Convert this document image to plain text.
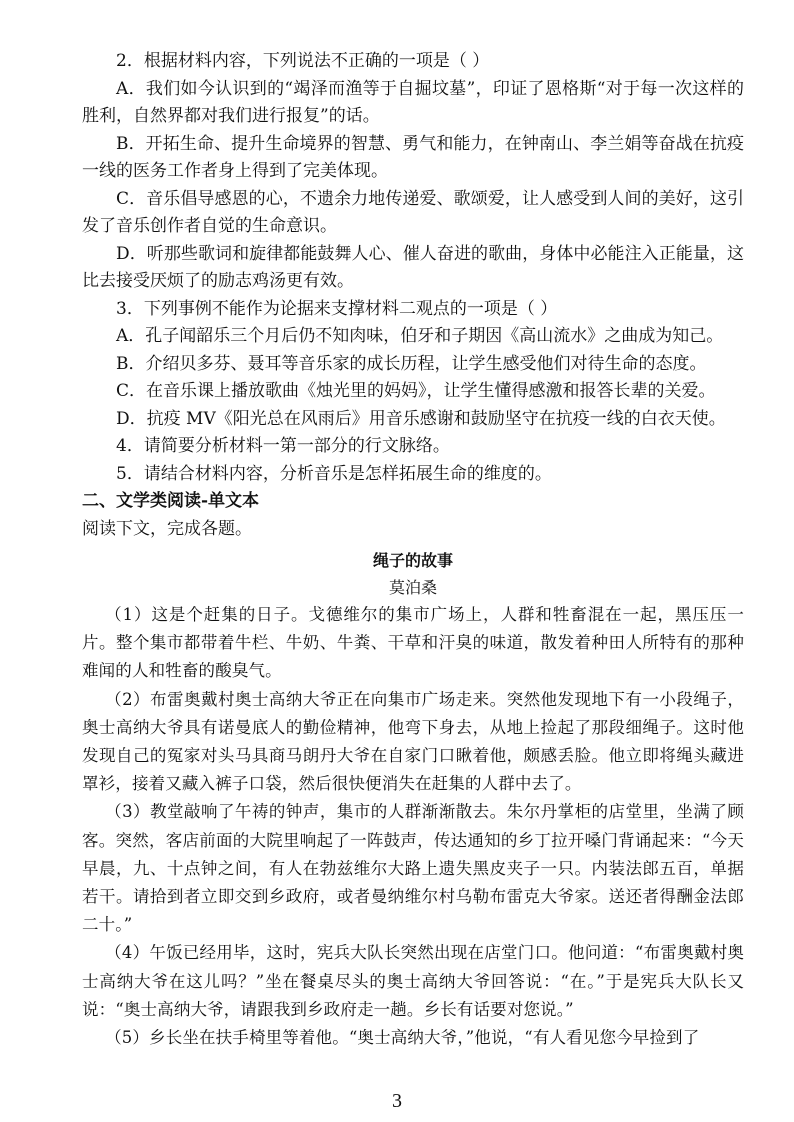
2．根据材料内容，下列说法不正确的一项是（ ）

A．我们如今认识到的“竭泽而渔等于自掘坟墓”，印证了恩格斯“对于每一次这样的胜利，自然界都对我们进行报复”的话。

B．开拓生命、提升生命境界的智慧、勇气和能力，在钟南山、李兰娟等奋战在抗疫一线的医务工作者身上得到了完美体现。

C．音乐倡导感恩的心，不遗余力地传递爱、歌颂爱，让人感受到人间的美好，这引发了音乐创作者自觉的生命意识。

D．听那些歌词和旋律都能鼓舞人心、催人奋进的歌曲，身体中必能注入正能量，这比去接受厌烦了的励志鸡汤更有效。

3．下列事例不能作为论据来支撑材料二观点的一项是（ ）

A．孔子闻韶乐三个月后仍不知肉味，伯牙和子期因《高山流水》之曲成为知己。

B．介绍贝多芬、聂耳等音乐家的成长历程，让学生感受他们对待生命的态度。

C．在音乐课上播放歌曲《烛光里的妈妈》，让学生懂得感激和报答长辈的关爱。

D．抗疫 MV《阳光总在风雨后》用音乐感谢和鼓励坚守在抗疫一线的白衣天使。

4．请简要分析材料一第一部分的行文脉络。

5．请结合材料内容，分析音乐是怎样拓展生命的维度的。

二、文学类阅读-单文本

阅读下文，完成各题。

绳子的故事

莫泊桑

（1）这是个赶集的日子。戈德维尔的集市广场上，人群和牲畜混在一起，黑压压一片。整个集市都带着牛栏、牛奶、牛粪、干草和汗臭的味道，散发着种田人所特有的那种难闻的人和牲畜的酸臭气。

（2）布雷奥戴村奥士高纳大爷正在向集市广场走来。突然他发现地下有一小段绳子，奥士高纳大爷具有诺曼底人的勤俭精神，他弯下身去，从地上捡起了那段细绳子。这时他发现自己的冤家对头马具商马朗丹大爷在自家门口瞅着他，颇感丢脸。他立即将绳头藏进罩衫，接着又藏入裤子口袋，然后很快便消失在赶集的人群中去了。

（3）教堂敲响了午祷的钟声，集市的人群渐渐散去。朱尔丹掌柜的店堂里，坐满了顾客。突然，客店前面的大院里响起了一阵鼓声，传达通知的乡丁拉开嗓门背诵起来：“今天早晨，九、十点钟之间，有人在勃兹维尔大路上遗失黑皮夹子一只。内装法郎五百，单据若干。请拾到者立即交到乡政府，或者曼纳维尔村乌勒布雷克大爷家。送还者得酬金法郎二十。”

（4）午饭已经用毕，这时，宪兵大队长突然出现在店堂门口。他问道：“布雷奥戴村奥士高纳大爷在这儿吗？”坐在餐桌尽头的奥士高纳大爷回答说：“在。”于是宪兵大队长又说：“奥士高纳大爷，请跟我到乡政府走一趟。乡长有话要对您说。”

（5）乡长坐在扶手椅里等着他。“奥士高纳大爷，”他说，“有人看见您今早捡到了

3
